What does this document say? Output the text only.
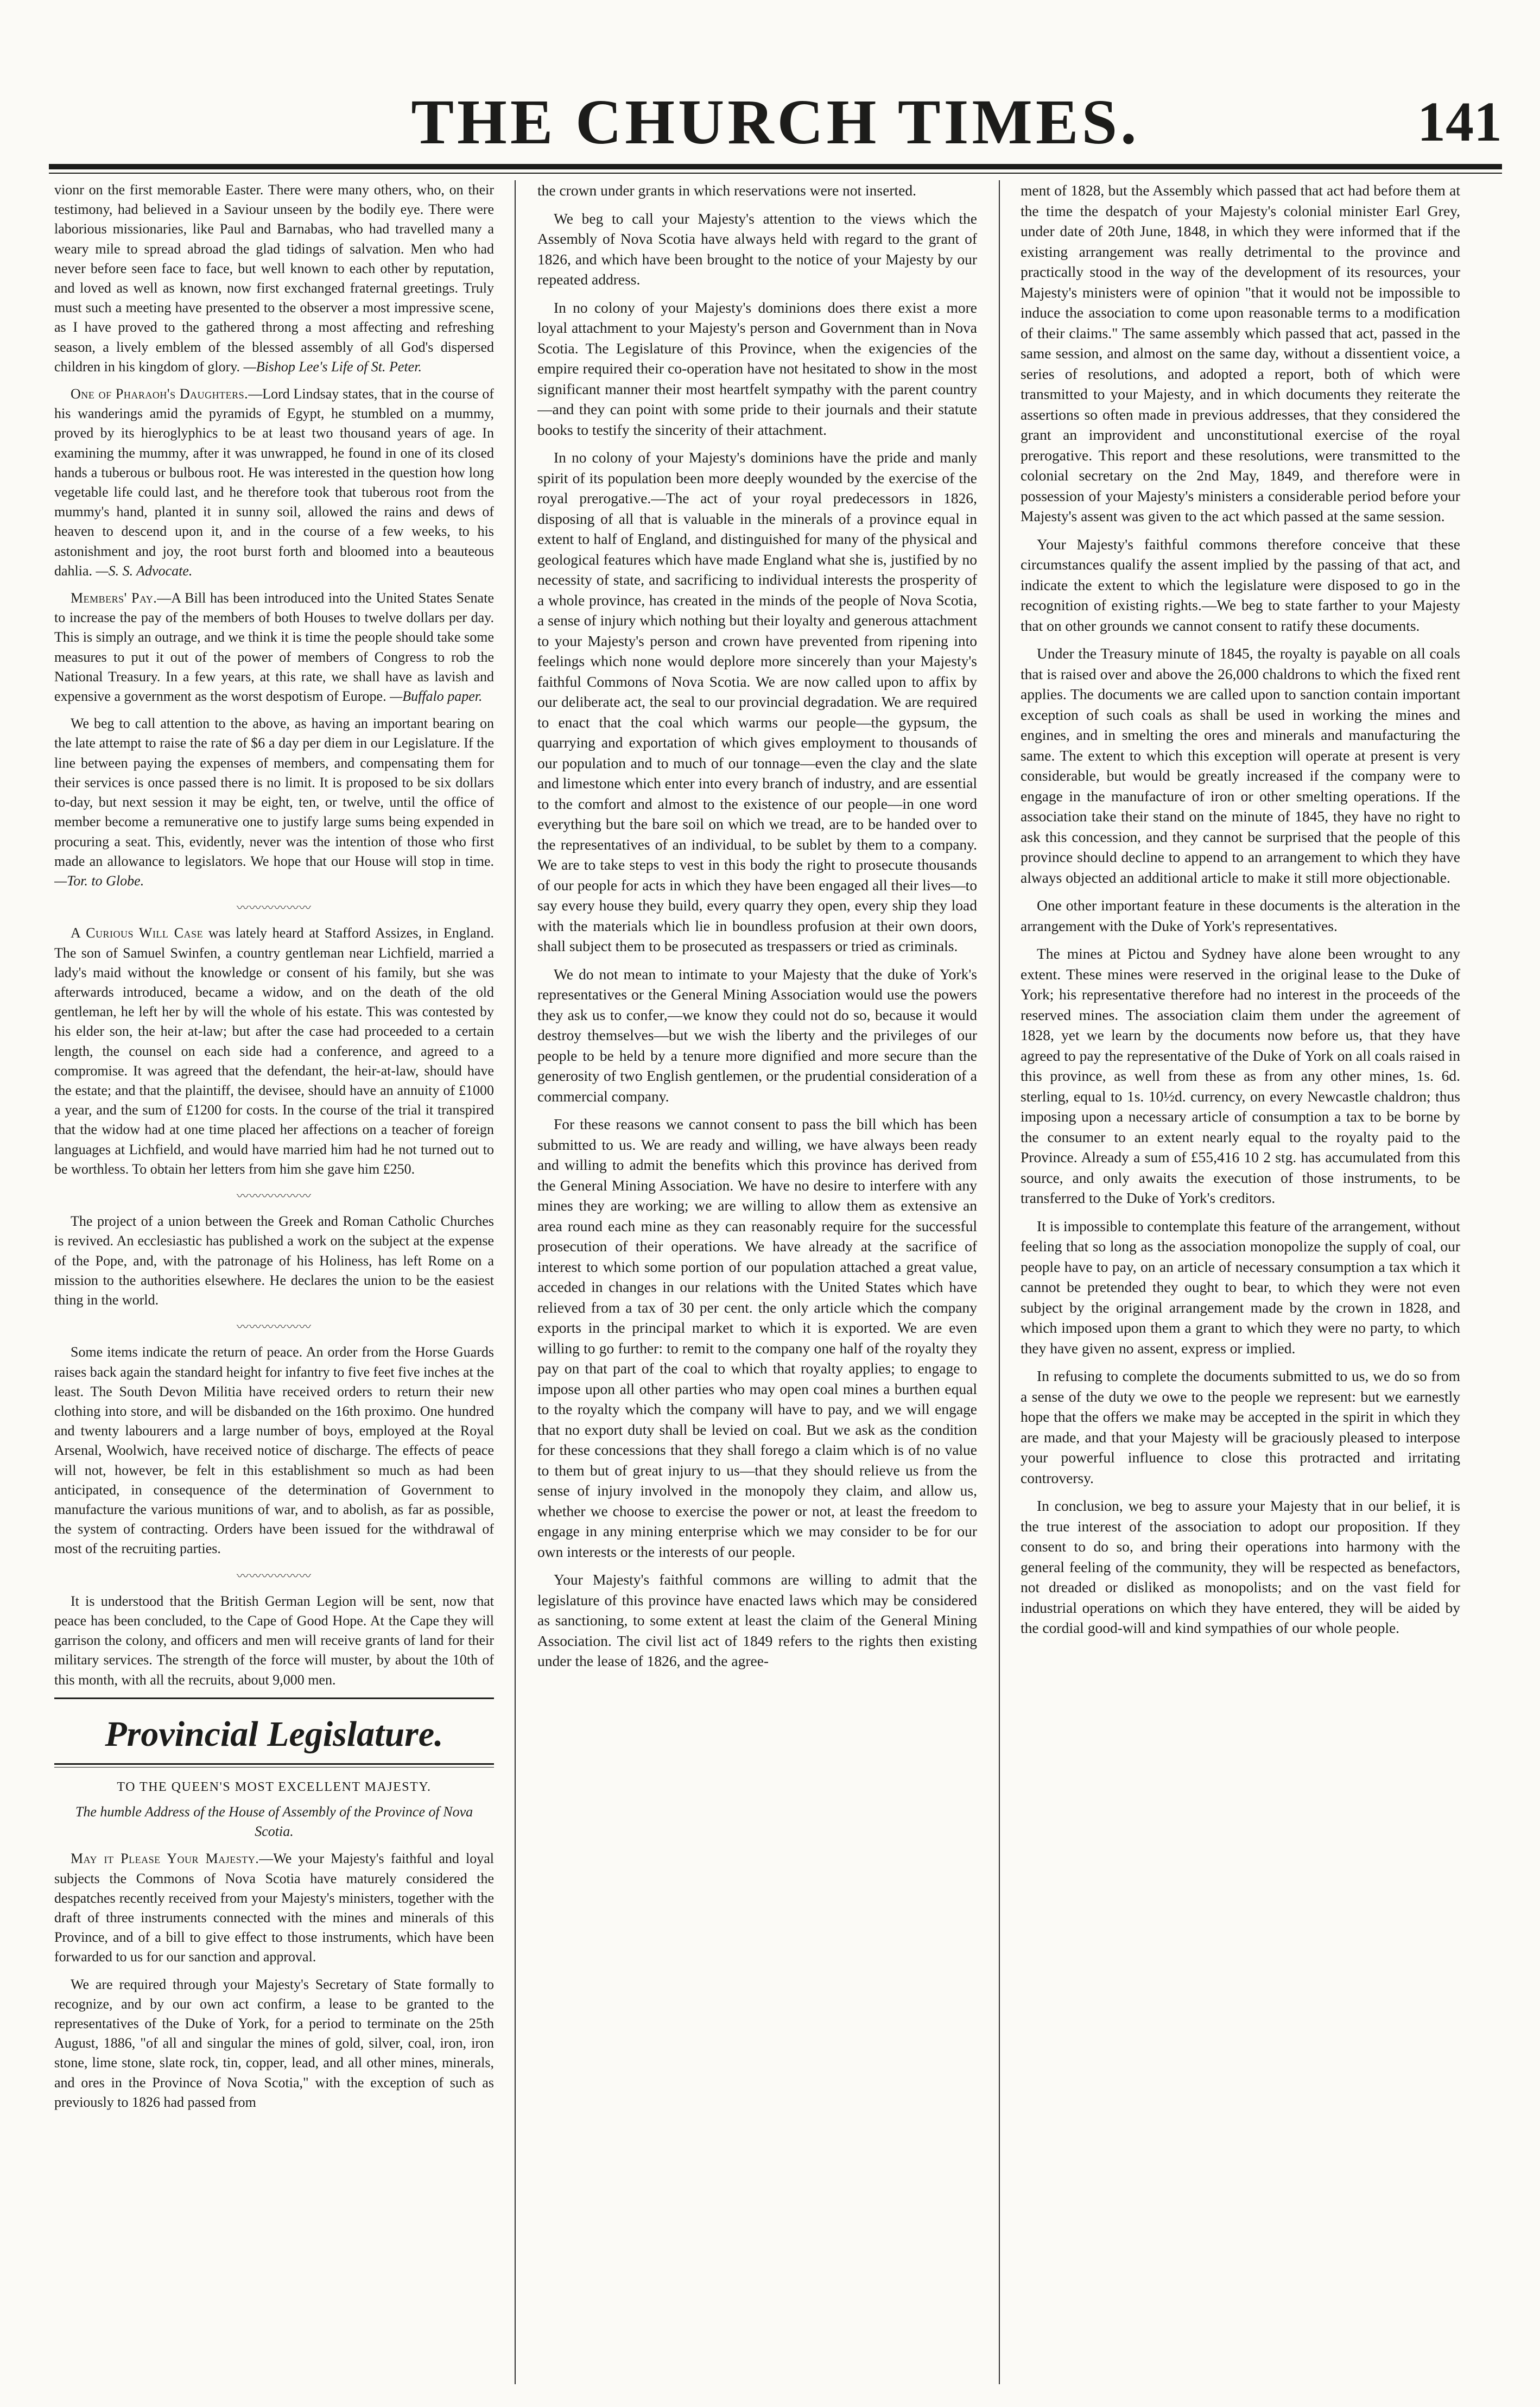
THE CHURCH TIMES.	141

vionr on the first memorable Easter. There were many others, who, on their testimony, had believed in a Saviour unseen by the bodily eye. There were laborious missionaries, like Paul and Barnabas, who had travelled many a weary mile to spread abroad the glad tidings of salvation. Men who had never before seen face to face, but well known to each other by reputation, and loved as well as known, now first exchanged fraternal greetings. Truly must such a meeting have presented to the observer a most impressive scene, as I have proved to the gathered throng a most affecting and refreshing season, a lively emblem of the blessed assembly of all God's dispersed children in his kingdom of glory. —Bishop Lee's Life of St. Peter.

One of Pharaoh's Daughters.—Lord Lindsay states, that in the course of his wanderings amid the pyramids of Egypt, he stumbled on a mummy, proved by its hieroglyphics to be at least two thousand years of age. In examining the mummy, after it was unwrapped, he found in one of its closed hands a tuberous or bulbous root. He was interested in the question how long vegetable life could last, and he therefore took that tuberous root from the mummy's hand, planted it in sunny soil, allowed the rains and dews of heaven to descend upon it, and in the course of a few weeks, to his astonishment and joy, the root burst forth and bloomed into a beauteous dahlia. —S. S. Advocate.

Members' Pay.—A Bill has been introduced into the United States Senate to increase the pay of the members of both Houses to twelve dollars per day. This is simply an outrage, and we think it is time the people should take some measures to put it out of the power of members of Congress to rob the National Treasury. In a few years, at this rate, we shall have as lavish and expensive a government as the worst despotism of Europe. —Buffalo paper.

We beg to call attention to the above, as having an important bearing on the late attempt to raise the rate of $6 a day per diem in our Legislature. If the line between paying the expenses of members, and compensating them for their services is once passed there is no limit. It is proposed to be six dollars to-day, but next session it may be eight, ten, or twelve, until the office of member become a remunerative one to justify large sums being expended in procuring a seat. This, evidently, never was the intention of those who first made an allowance to legislators. We hope that our House will stop in time. —Tor. to Globe.

〰〰〰〰〰〰

A Curious Will Case was lately heard at Stafford Assizes, in England. The son of Samuel Swinfen, a country gentleman near Lichfield, married a lady's maid without the knowledge or consent of his family, but she was afterwards introduced, became a widow, and on the death of the old gentleman, he left her by will the whole of his estate. This was contested by his elder son, the heir at-law; but after the case had proceeded to a certain length, the counsel on each side had a conference, and agreed to a compromise. It was agreed that the defendant, the heir-at-law, should have the estate; and that the plaintiff, the devisee, should have an annuity of £1000 a year, and the sum of £1200 for costs. In the course of the trial it transpired that the widow had at one time placed her affections on a teacher of foreign languages at Lichfield, and would have married him had he not turned out to be worthless. To obtain her letters from him she gave him £250.

〰〰〰〰〰〰

The project of a union between the Greek and Roman Catholic Churches is revived. An ecclesiastic has published a work on the subject at the expense of the Pope, and, with the patronage of his Holiness, has left Rome on a mission to the authorities elsewhere. He declares the union to be the easiest thing in the world.

〰〰〰〰〰〰

Some items indicate the return of peace. An order from the Horse Guards raises back again the standard height for infantry to five feet five inches at the least. The South Devon Militia have received orders to return their new clothing into store, and will be disbanded on the 16th proximo. One hundred and twenty labourers and a large number of boys, employed at the Royal Arsenal, Woolwich, have received notice of discharge. The effects of peace will not, however, be felt in this establishment so much as had been anticipated, in consequence of the determination of Government to manufacture the various munitions of war, and to abolish, as far as possible, the system of contracting. Orders have been issued for the withdrawal of most of the recruiting parties.

〰〰〰〰〰〰

It is understood that the British German Legion will be sent, now that peace has been concluded, to the Cape of Good Hope. At the Cape they will garrison the colony, and officers and men will receive grants of land for their military services. The strength of the force will muster, by about the 10th of this month, with all the recruits, about 9,000 men.

Provincial Legislature.

TO THE QUEEN'S MOST EXCELLENT MAJESTY.

The humble Address of the House of Assembly of the Province of Nova Scotia.

May it Please Your Majesty.—We your Majesty's faithful and loyal subjects the Commons of Nova Scotia have maturely considered the despatches recently received from your Majesty's ministers, together with the draft of three instruments connected with the mines and minerals of this Province, and of a bill to give effect to those instruments, which have been forwarded to us for our sanction and approval.

We are required through your Majesty's Secretary of State formally to recognize, and by our own act confirm, a lease to be granted to the representatives of the Duke of York, for a period to terminate on the 25th August, 1886, "of all and singular the mines of gold, silver, coal, iron, iron stone, lime stone, slate rock, tin, copper, lead, and all other mines, minerals, and ores in the Province of Nova Scotia," with the exception of such as previously to 1826 had passed from

the crown under grants in which reservations were not inserted.

We beg to call your Majesty's attention to the views which the Assembly of Nova Scotia have always held with regard to the grant of 1826, and which have been brought to the notice of your Majesty by our repeated address.

In no colony of your Majesty's dominions does there exist a more loyal attachment to your Majesty's person and Government than in Nova Scotia. The Legislature of this Province, when the exigencies of the empire required their co-operation have not hesitated to show in the most significant manner their most heartfelt sympathy with the parent country—and they can point with some pride to their journals and their statute books to testify the sincerity of their attachment.

In no colony of your Majesty's dominions have the pride and manly spirit of its population been more deeply wounded by the exercise of the royal prerogative.—The act of your royal predecessors in 1826, disposing of all that is valuable in the minerals of a province equal in extent to half of England, and distinguished for many of the physical and geological features which have made England what she is, justified by no necessity of state, and sacrificing to individual interests the prosperity of a whole province, has created in the minds of the people of Nova Scotia, a sense of injury which nothing but their loyalty and generous attachment to your Majesty's person and crown have prevented from ripening into feelings which none would deplore more sincerely than your Majesty's faithful Commons of Nova Scotia. We are now called upon to affix by our deliberate act, the seal to our provincial degradation. We are required to enact that the coal which warms our people—the gypsum, the quarrying and exportation of which gives employment to thousands of our population and to much of our tonnage—even the clay and the slate and limestone which enter into every branch of industry, and are essential to the comfort and almost to the existence of our people—in one word everything but the bare soil on which we tread, are to be handed over to the representatives of an individual, to be sublet by them to a company. We are to take steps to vest in this body the right to prosecute thousands of our people for acts in which they have been engaged all their lives—to say every house they build, every quarry they open, every ship they load with the materials which lie in boundless profusion at their own doors, shall subject them to be prosecuted as trespassers or tried as criminals.

We do not mean to intimate to your Majesty that the duke of York's representatives or the General Mining Association would use the powers they ask us to confer,—we know they could not do so, because it would destroy themselves—but we wish the liberty and the privileges of our people to be held by a tenure more dignified and more secure than the generosity of two English gentlemen, or the prudential consideration of a commercial company.

For these reasons we cannot consent to pass the bill which has been submitted to us. We are ready and willing, we have always been ready and willing to admit the benefits which this province has derived from the General Mining Association. We have no desire to interfere with any mines they are working; we are willing to allow them as extensive an area round each mine as they can reasonably require for the successful prosecution of their operations. We have already at the sacrifice of interest to which some portion of our population attached a great value, acceded in changes in our relations with the United States which have relieved from a tax of 30 per cent. the only article which the company exports in the principal market to which it is exported. We are even willing to go further: to remit to the company one half of the royalty they pay on that part of the coal to which that royalty applies; to engage to impose upon all other parties who may open coal mines a burthen equal to the royalty which the company will have to pay, and we will engage that no export duty shall be levied on coal. But we ask as the condition for these concessions that they shall forego a claim which is of no value to them but of great injury to us—that they should relieve us from the sense of injury involved in the monopoly they claim, and allow us, whether we choose to exercise the power or not, at least the freedom to engage in any mining enterprise which we may consider to be for our own interests or the interests of our people.

Your Majesty's faithful commons are willing to admit that the legislature of this province have enacted laws which may be considered as sanctioning, to some extent at least the claim of the General Mining Association. The civil list act of 1849 refers to the rights then existing under the lease of 1826, and the agree-

ment of 1828, but the Assembly which passed that act had before them at the time the despatch of your Majesty's colonial minister Earl Grey, under date of 20th June, 1848, in which they were informed that if the existing arrangement was really detrimental to the province and practically stood in the way of the development of its resources, your Majesty's ministers were of opinion "that it would not be impossible to induce the association to come upon reasonable terms to a modification of their claims." The same assembly which passed that act, passed in the same session, and almost on the same day, without a dissentient voice, a series of resolutions, and adopted a report, both of which were transmitted to your Majesty, and in which documents they reiterate the assertions so often made in previous addresses, that they considered the grant an improvident and unconstitutional exercise of the royal prerogative. This report and these resolutions, were transmitted to the colonial secretary on the 2nd May, 1849, and therefore were in possession of your Majesty's ministers a considerable period before your Majesty's assent was given to the act which passed at the same session.

Your Majesty's faithful commons therefore conceive that these circumstances qualify the assent implied by the passing of that act, and indicate the extent to which the legislature were disposed to go in the recognition of existing rights.—We beg to state farther to your Majesty that on other grounds we cannot consent to ratify these documents.

Under the Treasury minute of 1845, the royalty is payable on all coals that is raised over and above the 26,000 chaldrons to which the fixed rent applies. The documents we are called upon to sanction contain important exception of such coals as shall be used in working the mines and engines, and in smelting the ores and minerals and manufacturing the same. The extent to which this exception will operate at present is very considerable, but would be greatly increased if the company were to engage in the manufacture of iron or other smelting operations. If the association take their stand on the minute of 1845, they have no right to ask this concession, and they cannot be surprised that the people of this province should decline to append to an arrangement to which they have always objected an additional article to make it still more objectionable.

One other important feature in these documents is the alteration in the arrangement with the Duke of York's representatives.

The mines at Pictou and Sydney have alone been wrought to any extent. These mines were reserved in the original lease to the Duke of York; his representative therefore had no interest in the proceeds of the reserved mines. The association claim them under the agreement of 1828, yet we learn by the documents now before us, that they have agreed to pay the representative of the Duke of York on all coals raised in this province, as well from these as from any other mines, 1s. 6d. sterling, equal to 1s. 10½d. currency, on every Newcastle chaldron; thus imposing upon a necessary article of consumption a tax to be borne by the consumer to an extent nearly equal to the royalty paid to the Province. Already a sum of £55,416 10 2 stg. has accumulated from this source, and only awaits the execution of those instruments, to be transferred to the Duke of York's creditors.

It is impossible to contemplate this feature of the arrangement, without feeling that so long as the association monopolize the supply of coal, our people have to pay, on an article of necessary consumption a tax which it cannot be pretended they ought to bear, to which they were not even subject by the original arrangement made by the crown in 1828, and which imposed upon them a grant to which they were no party, to which they have given no assent, express or implied.

In refusing to complete the documents submitted to us, we do so from a sense of the duty we owe to the people we represent: but we earnestly hope that the offers we make may be accepted in the spirit in which they are made, and that your Majesty will be graciously pleased to interpose your powerful influence to close this protracted and irritating controversy.

In conclusion, we beg to assure your Majesty that in our belief, it is the true interest of the association to adopt our proposition. If they consent to do so, and bring their operations into harmony with the general feeling of the community, they will be respected as benefactors, not dreaded or disliked as monopolists; and on the vast field for industrial operations on which they have entered, they will be aided by the cordial good-will and kind sympathies of our whole people.
